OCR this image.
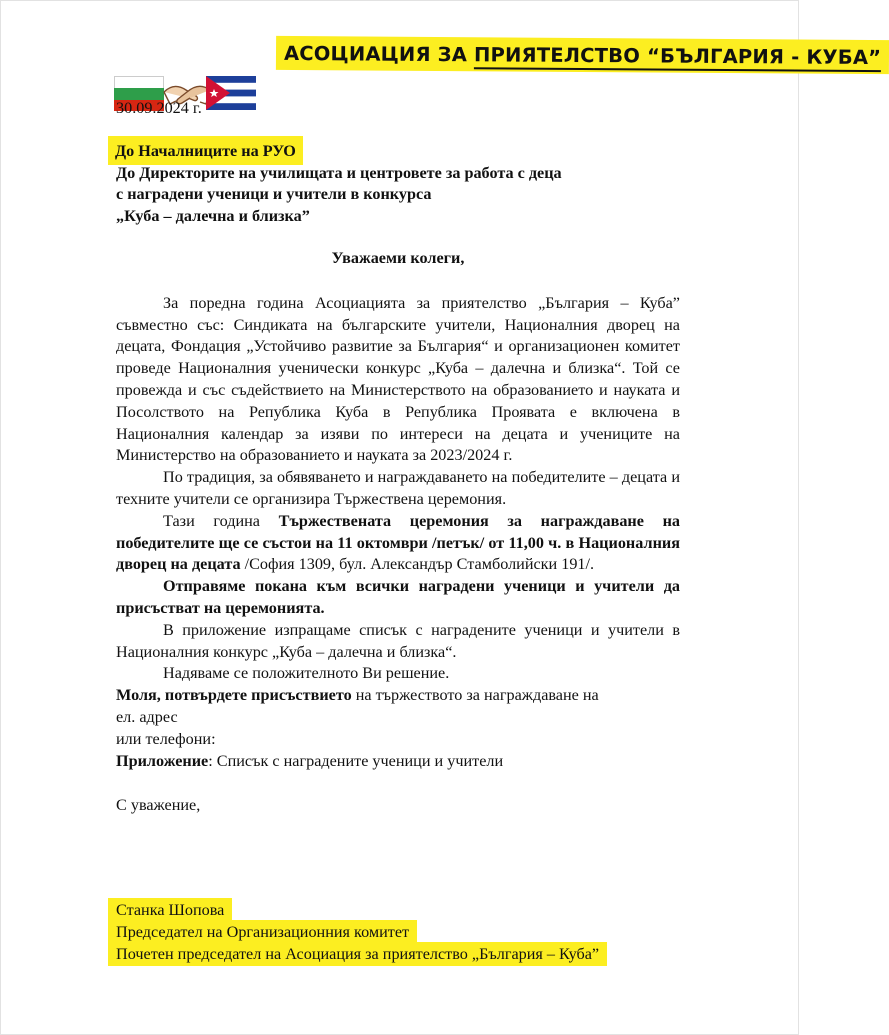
АСОЦИАЦИЯ ЗА ПРИЯТЕЛСТВО “БЪЛГАРИЯ - КУБА”

30.09.2024 г.

До Началниците на РУО

До Директорите на училищата и центровете за работа с деца

с наградени ученици и учители в конкурса

„Куба – далечна и близка”

Уважаеми колеги,

За поредна година Асоциацията за приятелство „България – Куба” съвместно със: Синдиката на българските учители, Националния дворец на децата, Фондация „Устойчиво развитие за България“ и организационен комитет проведе Националния ученически конкурс „Куба – далечна и близка“. Той се провежда и със съдействието на Министерството на образованието и науката и Посолството на Република Куба в Република Проявата е включена в Националния календар за изяви по интереси на децата и учениците на Министерство на образованието и науката за 2023/2024 г.

По традиция, за обявяването и награждаването на победителите – децата и техните учители се организира Тържествена церемония.

Тази година Тържествената церемония за награждаване на победителите ще се състои на 11 октомври /петък/ от 11,00 ч. в Националния дворец на децата /София 1309, бул. Александър Стамболийски 191/.

Отправяме покана към всички наградени ученици и учители да присъстват на церемонията.

В приложение изпращаме списък с наградените ученици и учители в Националния конкурс „Куба – далечна и близка“.

Надяваме се положителното Ви решение.

Моля, потвърдете присъствието на тържеството за награждаване на

ел. адрес

или телефони:

Приложение: Списък с наградените ученици и учители

С уважение,

Станка Шопова
Председател на Организационния комитет
Почетен председател на Асоциация за приятелство „България – Куба”
